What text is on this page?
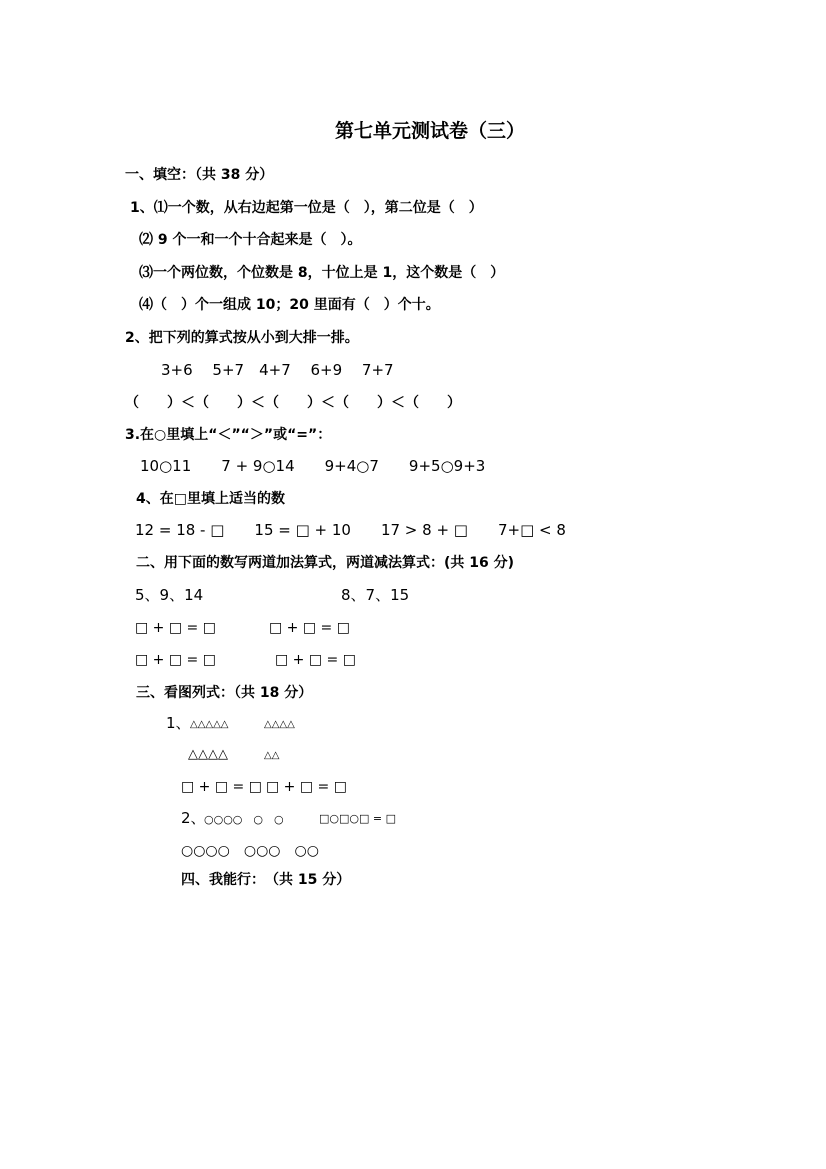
第七单元测试卷（三）
一、填空：（共 38 分）
1、⑴一个数，从右边起第一位是（　），第二位是（　）
⑵ 9 个一和一个十合起来是（　）。
⑶一个两位数，个位数是 8，十位上是 1，这个数是（　）
⑷（　）个一组成 10；20 里面有（　）个十。
2、把下列的算式按从小到大排一排。
3+6　 5+7　4+7　 6+9　 7+7
（　　）＜（　　）＜（　　）＜（　　）＜（　　）
3.在○里填上“＜”“＞”或“=”：
10○11　　7 + 9○14　　9+4○7　　9+5○9+3
4、在□里填上适当的数
12 = 18 - □　　15 = □ + 10　　17 > 8 + □　　7+□ < 8
二、用下面的数写两道加法算式，两道减法算式：(共 16 分)
5、9、14	8、7、15
□ + □ = □	□ + □ = □
□ + □ = □	□ + □ = □
三、看图列式：（共 18 分）
1、 △△△△△	△△△△
△△△△	△△
□ + □ = □ □ + □ = □
2、
○○○○　○　○	□○□○□ = □
○○○○　○○○　○○
四、我能行：　（共 15 分）
